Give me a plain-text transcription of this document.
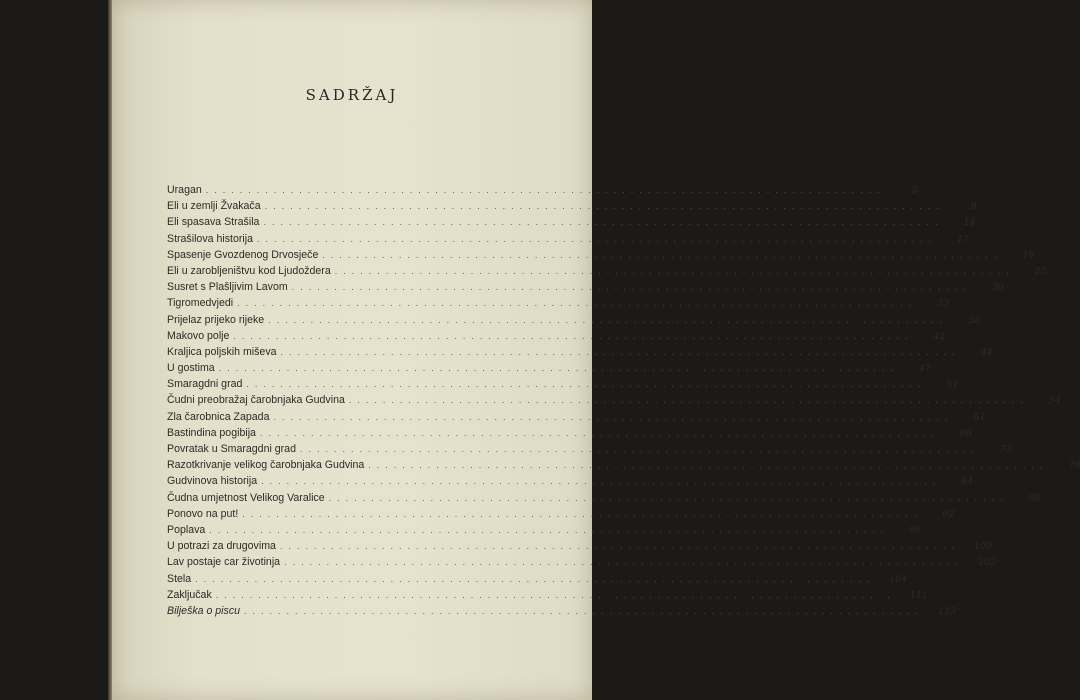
SADRŽAJ
Uragan ................................................................................	5
Eli u zemlji Žvakača ................................................................................	8
Eli spasava Strašila ................................................................................	14
Strašilova historija ................................................................................	17
Spasenje Gvozdenog Drvosječe ................................................................................	19
Eli u zarobljeništvu kod Ljudoždera ................................................................................	25
Susret s Plašljivim Lavom ................................................................................	30
Tigromedvjedi ................................................................................	33
Prijelaz prijeko rijeke ................................................................................	38
Makovo polje ................................................................................	42
Kraljica poljskih miševa ................................................................................	44
U gostima ................................................................................	47
Smaragdni grad ................................................................................	51
Čudni preobražaj čarobnjaka Gudvina ................................................................................	54
Zla čarobnica Zapada ................................................................................	61
Bastindina pogibija ................................................................................	66
Povratak u Smaragdni grad ................................................................................	73
Razotkrivanje velikog čarobnjaka Gudvina ................................................................................	79
Gudvinova historija ................................................................................	84
Čudna umjetnost Velikog Varalice ................................................................................	88
Ponovo na put! ................................................................................	92
Poplava ................................................................................	96
U potrazi za drugovima ................................................................................	100
Lav postaje car životinja ................................................................................	102
Stela ................................................................................	104
Zaključak ................................................................................	111
Bilješka o piscu ................................................................................	113
